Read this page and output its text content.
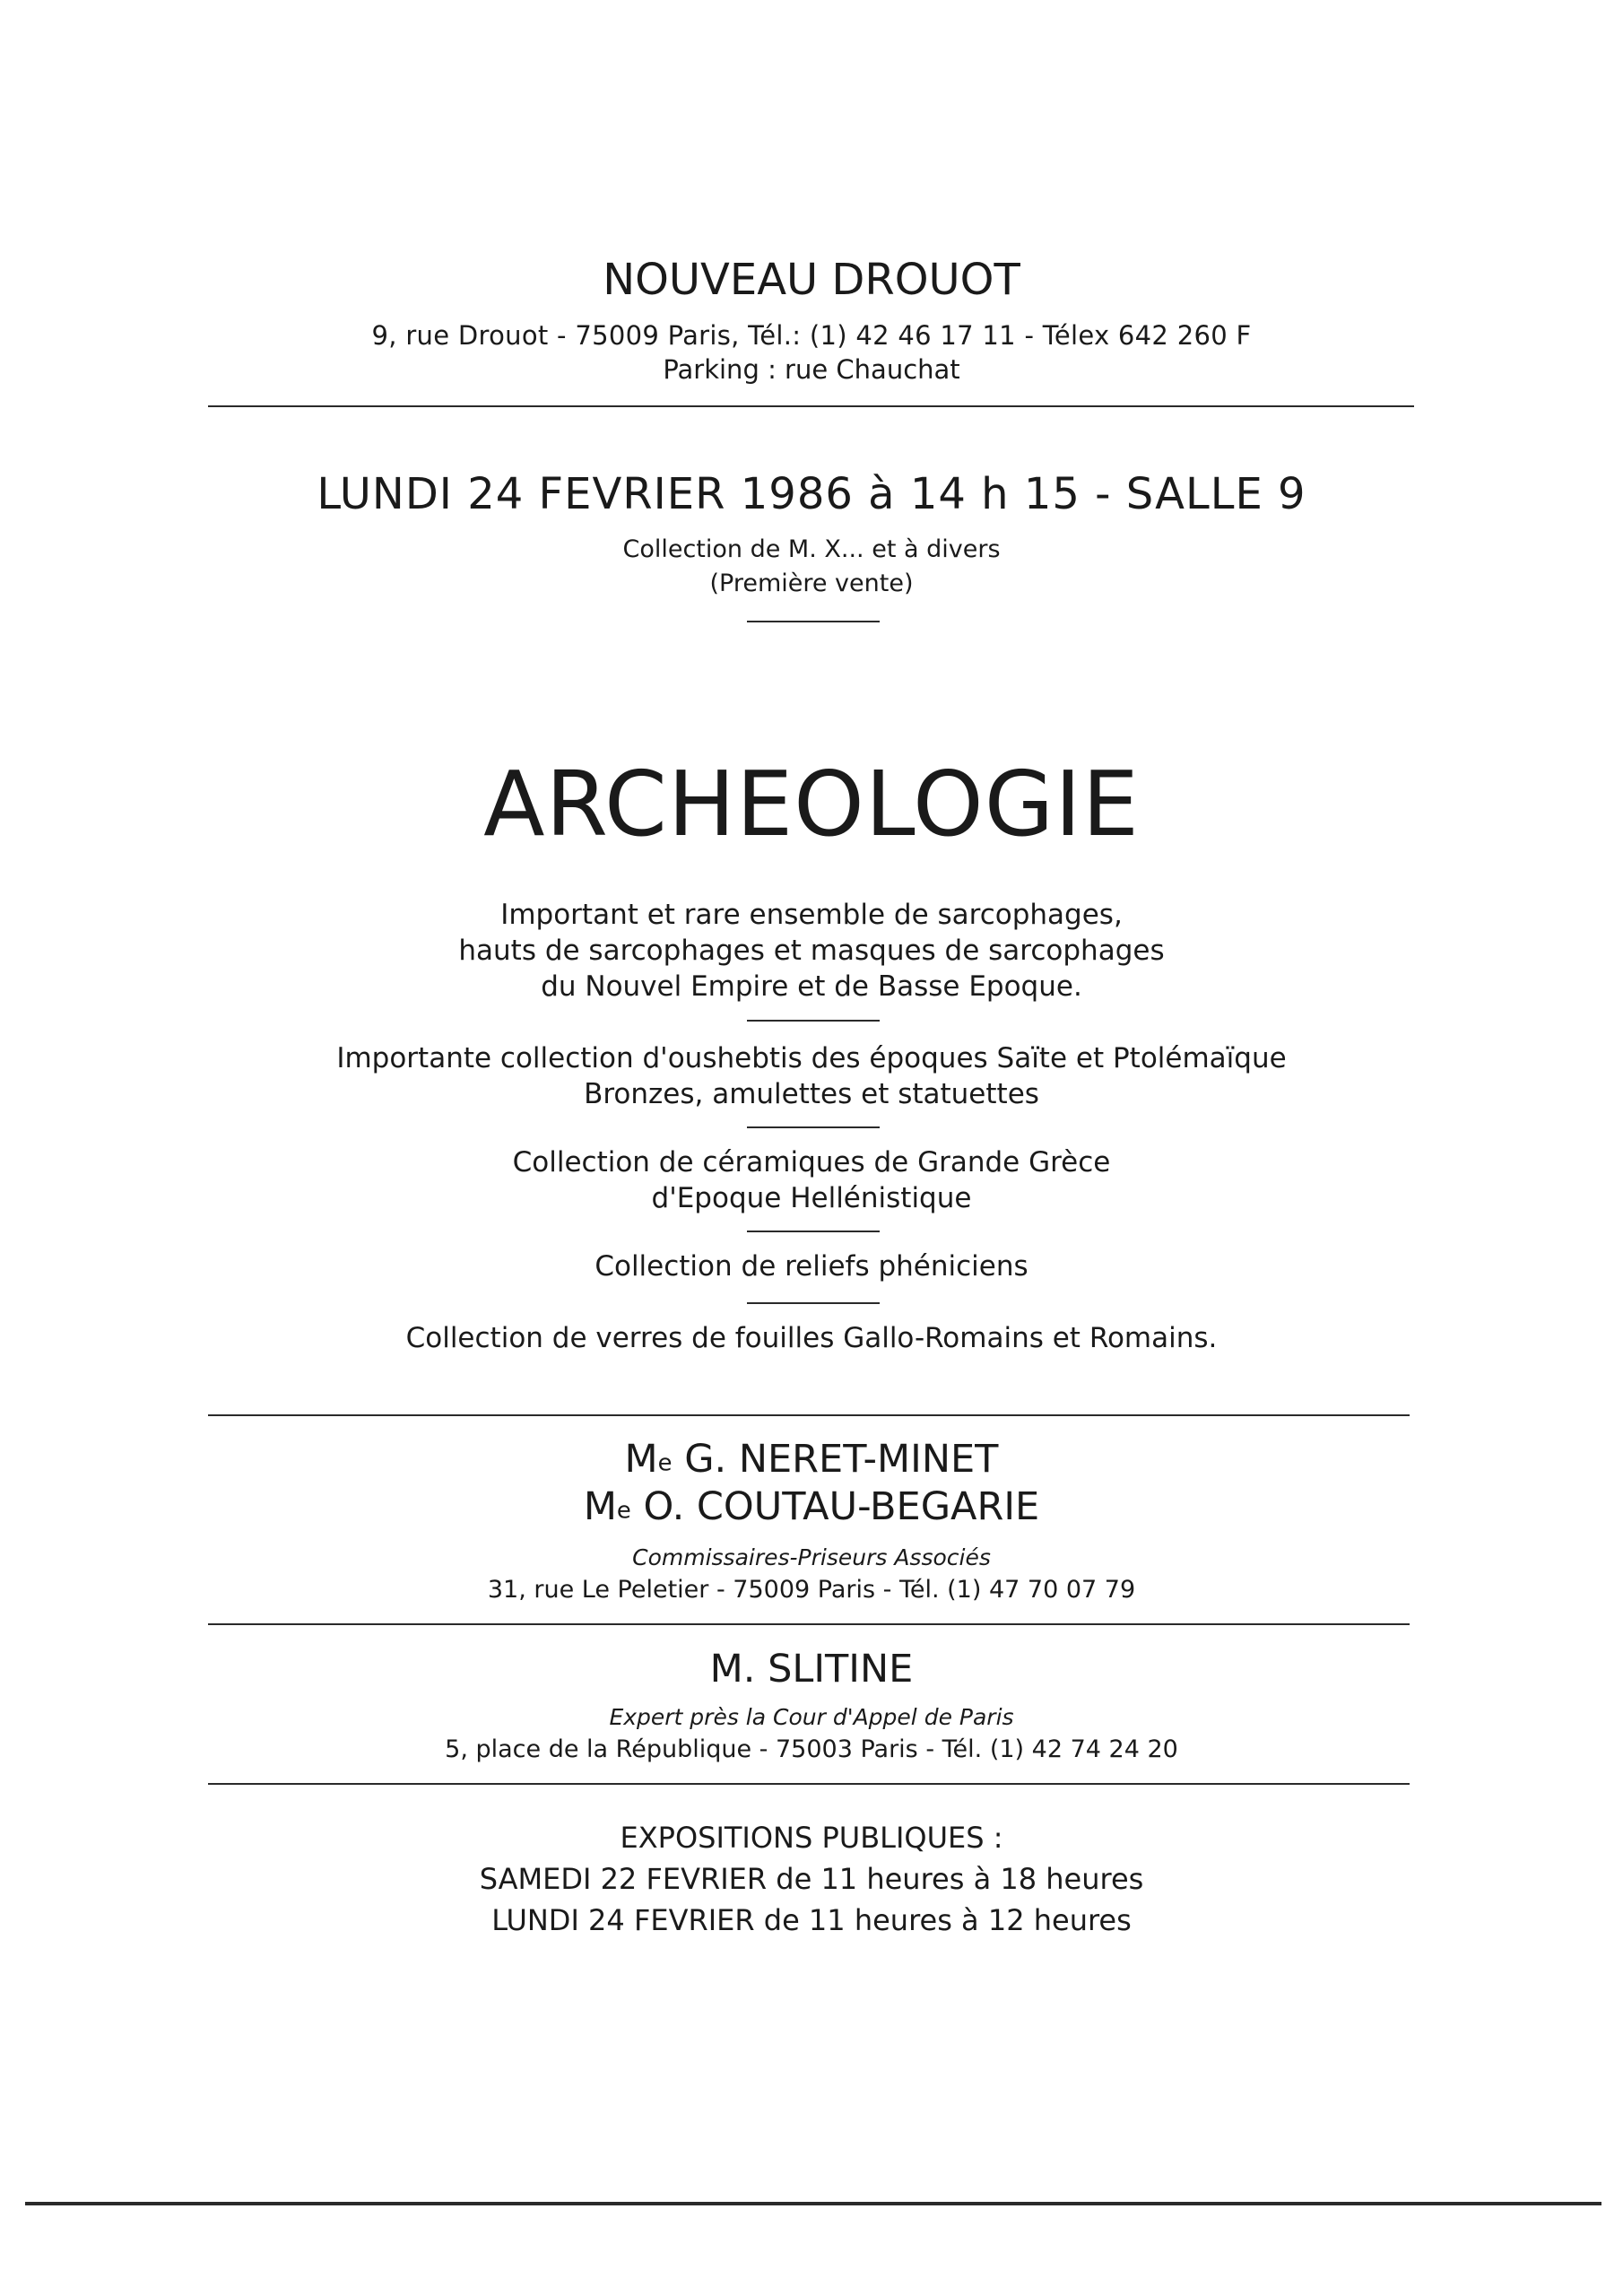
NOUVEAU DROUOT
9, rue Drouot - 75009 Paris, Tél.: (1) 42 46 17 11 - Télex 642 260 F
Parking : rue Chauchat
LUNDI 24 FEVRIER 1986 à 14 h 15 - SALLE 9
Collection de M. X... et à divers
(Première vente)
ARCHEOLOGIE
Important et rare ensemble de sarcophages,
hauts de sarcophages et masques de sarcophages
du Nouvel Empire et de Basse Epoque.
Importante collection d'oushebtis des époques Saïte et Ptolémaïque
Bronzes, amulettes et statuettes
Collection de céramiques de Grande Grèce
d'Epoque Hellénistique
Collection de reliefs phéniciens
Collection de verres de fouilles Gallo-Romains et Romains.
Me G. NERET-MINET
Me O. COUTAU-BEGARIE
Commissaires-Priseurs Associés
31, rue Le Peletier - 75009 Paris - Tél. (1) 47 70 07 79
M. SLITINE
Expert près la Cour d'Appel de Paris
5, place de la République - 75003 Paris - Tél. (1) 42 74 24 20
EXPOSITIONS PUBLIQUES :
SAMEDI 22 FEVRIER de 11 heures à 18 heures
LUNDI 24 FEVRIER de 11 heures à 12 heures
